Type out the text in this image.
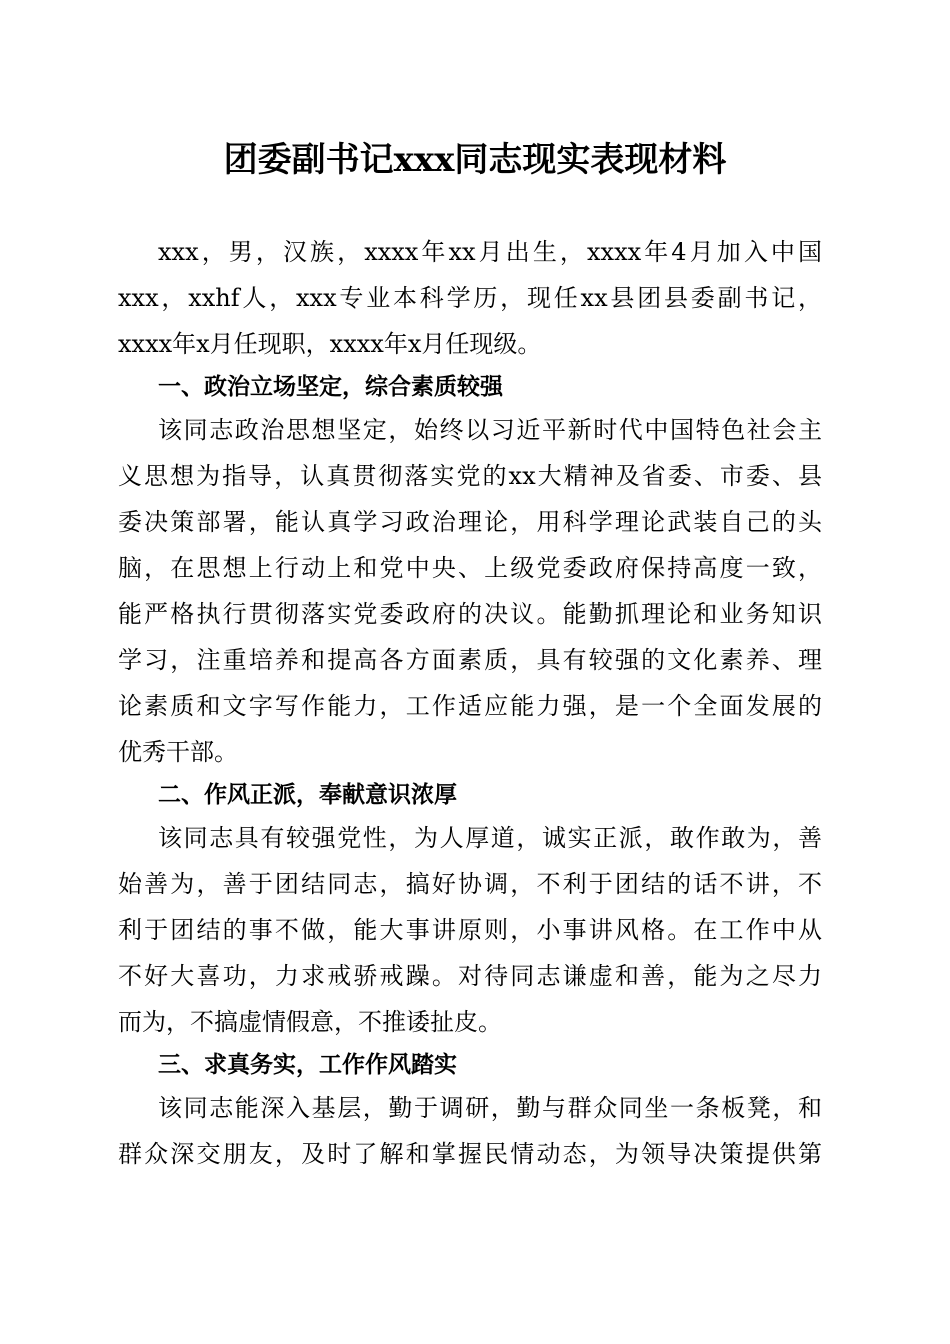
团委副书记xxx同志现实表现材料
xxx，男，汉族，xxxx年xx月出生，xxxx年4月加入中国
xxx，xxhf人，xxx专业本科学历，现任xx县团县委副书记，
xxxx年x月任现职，xxxx年x月任现级。
一、政治立场坚定，综合素质较强
该同志政治思想坚定，始终以习近平新时代中国特色社会主
义思想为指导，认真贯彻落实党的xx大精神及省委、市委、县
委决策部署，能认真学习政治理论，用科学理论武装自己的头
脑，在思想上行动上和党中央、上级党委政府保持高度一致，
能严格执行贯彻落实党委政府的决议。能勤抓理论和业务知识
学习，注重培养和提高各方面素质，具有较强的文化素养、理
论素质和文字写作能力，工作适应能力强，是一个全面发展的
优秀干部。
二、作风正派，奉献意识浓厚
该同志具有较强党性，为人厚道，诚实正派，敢作敢为，善
始善为，善于团结同志，搞好协调，不利于团结的话不讲，不
利于团结的事不做，能大事讲原则，小事讲风格。在工作中从
不好大喜功，力求戒骄戒躁。对待同志谦虚和善，能为之尽力
而为，不搞虚情假意，不推诿扯皮。
三、求真务实，工作作风踏实
该同志能深入基层，勤于调研，勤与群众同坐一条板凳，和
群众深交朋友，及时了解和掌握民情动态，为领导决策提供第
